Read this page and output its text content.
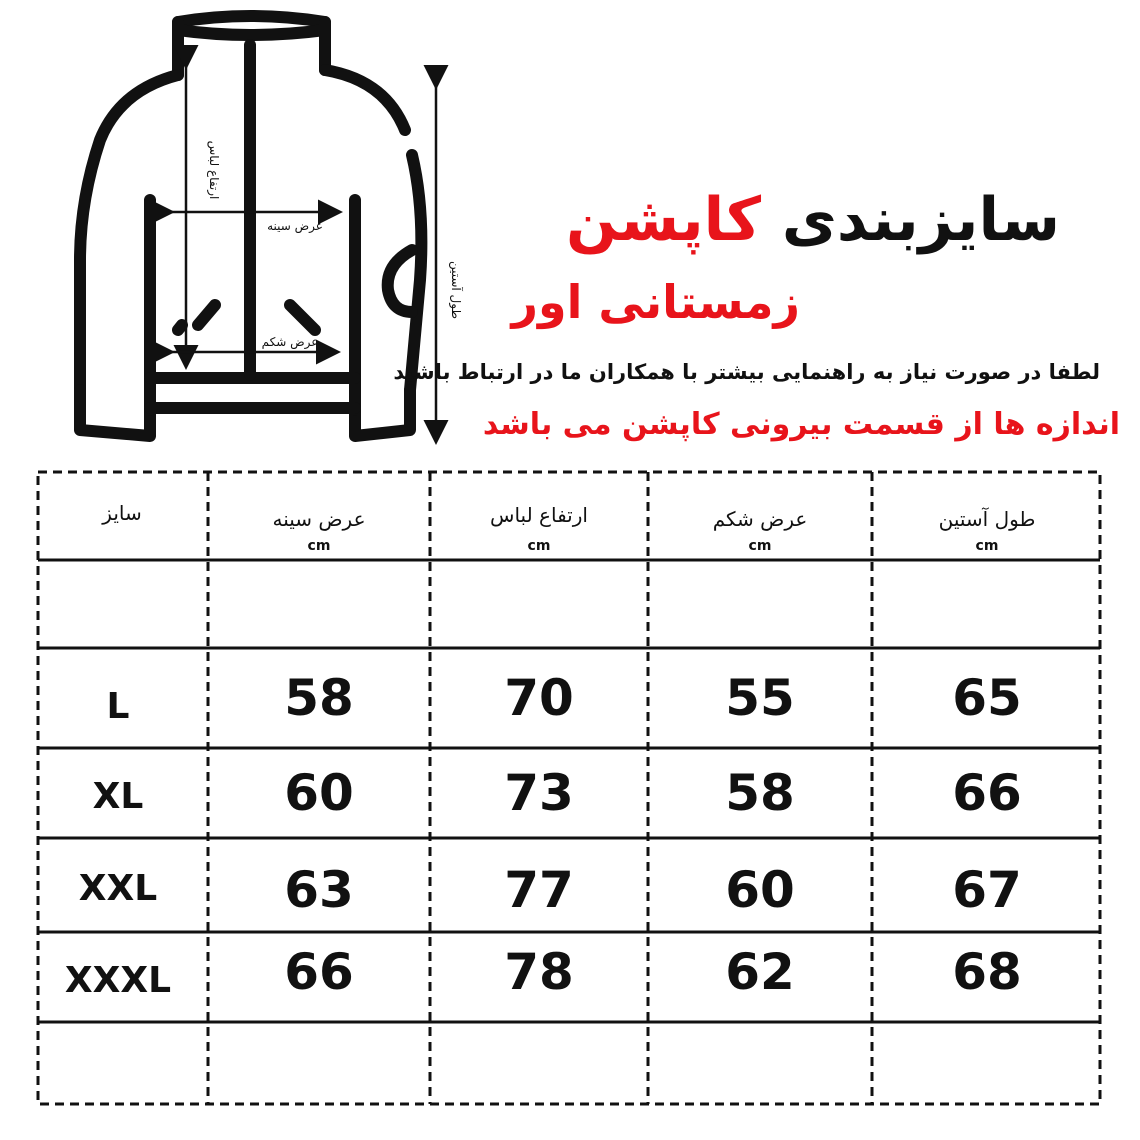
ارتفاع لباس
عرض سینه
عرض شکم
طول آستین
سایزبندی کاپشن
زمستانی اور
لطفا در صورت نیاز به راهنمایی بیشتر با همکاران ما در ارتباط باشید
اندازه ها از قسمت بیرونی کاپشن می باشد
سایز	عرض سینه	ارتفاع لباس	عرض شکم	طول آستین
cm	cm	cm	cm
L	58	70	55	65
XL	60	73	58	66
XXL	63	77	60	67
XXXL	66	78	62	68
